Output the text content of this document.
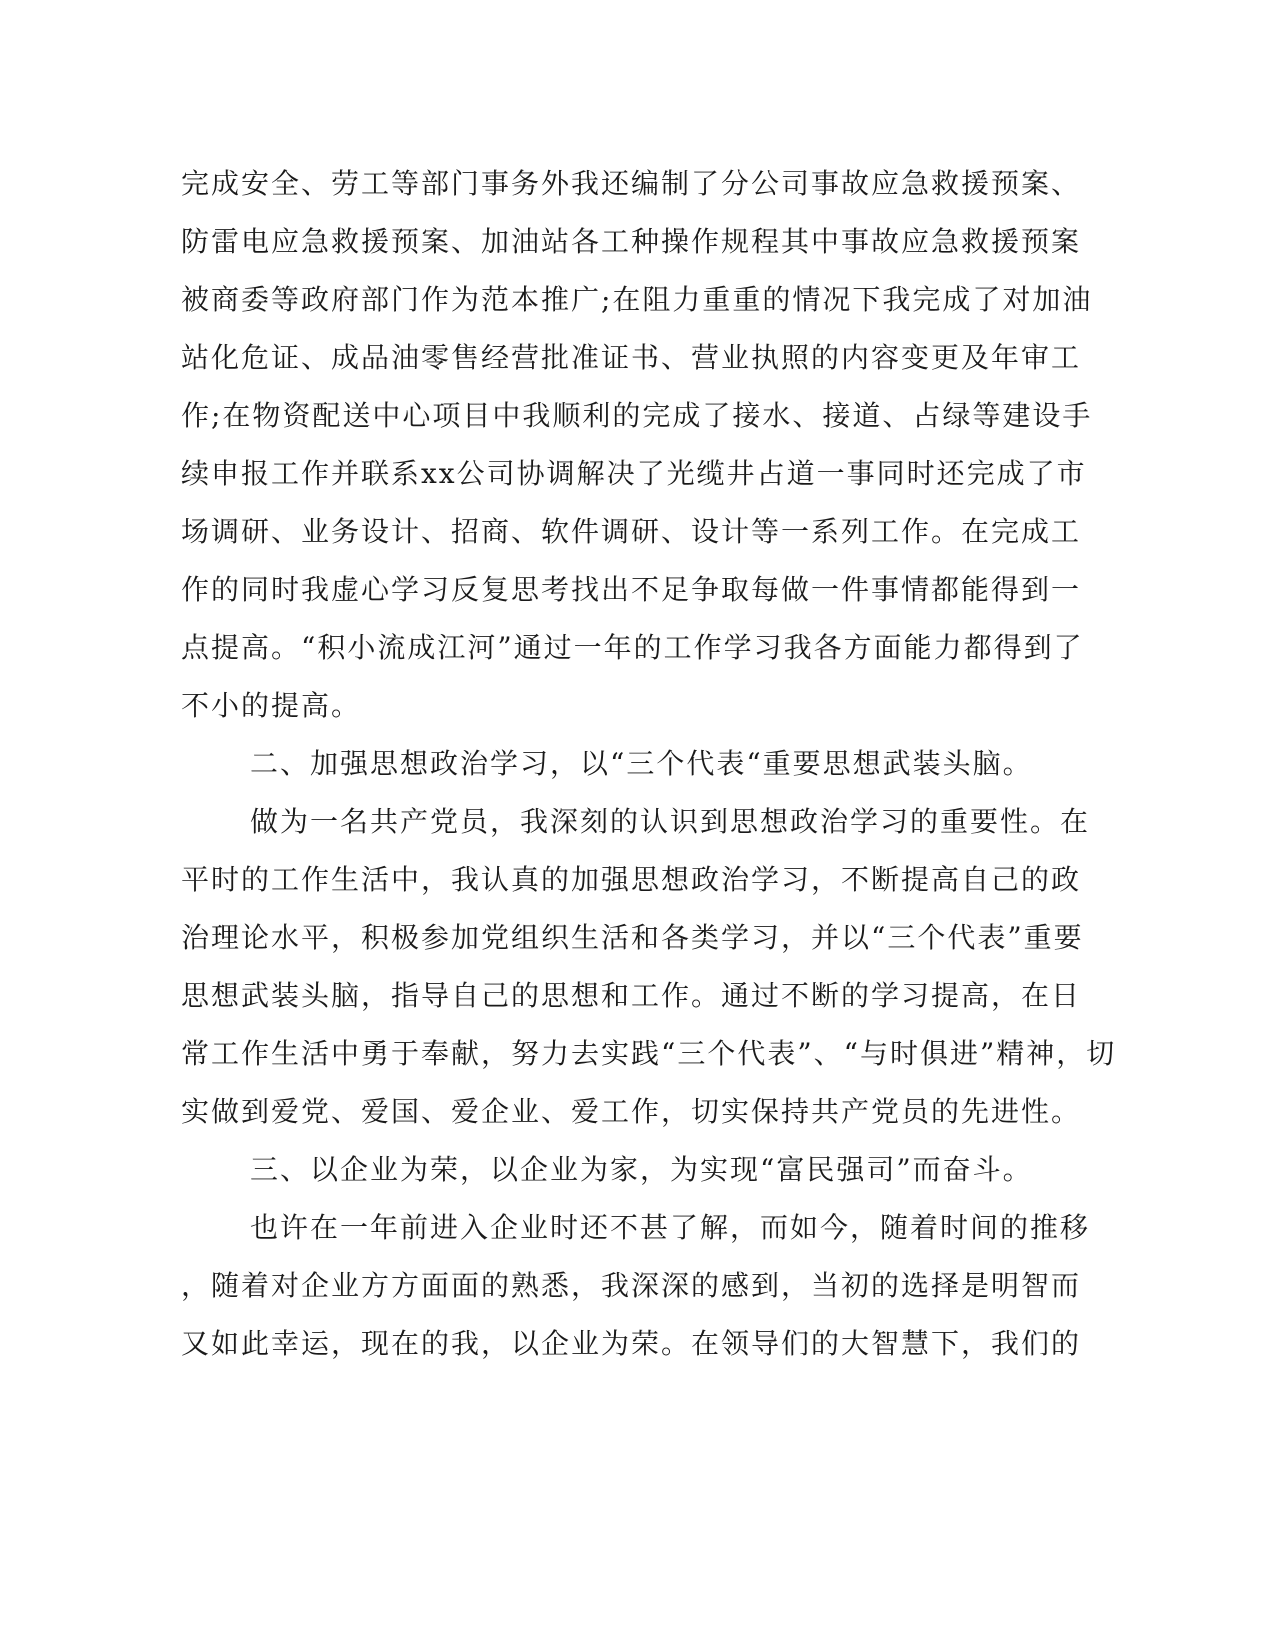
完成安全、劳工等部门事务外我还编制了分公司事故应急救援预案、
防雷电应急救援预案、加油站各工种操作规程其中事故应急救援预案
被商委等政府部门作为范本推广;在阻力重重的情况下我完成了对加油
站化危证、成品油零售经营批准证书、营业执照的内容变更及年审工
作;在物资配送中心项目中我顺利的完成了接水、接道、占绿等建设手
续申报工作并联系xx公司协调解决了光缆井占道一事同时还完成了市
场调研、业务设计、招商、软件调研、设计等一系列工作。在完成工
作的同时我虚心学习反复思考找出不足争取每做一件事情都能得到一
点提高。“积小流成江河”通过一年的工作学习我各方面能力都得到了
不小的提高。
二、加强思想政治学习，以“三个代表“重要思想武装头脑。
做为一名共产党员，我深刻的认识到思想政治学习的重要性。在
平时的工作生活中，我认真的加强思想政治学习，不断提高自己的政
治理论水平，积极参加党组织生活和各类学习，并以“三个代表”重要
思想武装头脑，指导自己的思想和工作。通过不断的学习提高，在日
常工作生活中勇于奉献，努力去实践“三个代表”、“与时俱进”精神，切
实做到爱党、爱国、爱企业、爱工作，切实保持共产党员的先进性。
三、以企业为荣，以企业为家，为实现“富民强司”而奋斗。
也许在一年前进入企业时还不甚了解，而如今，随着时间的推移
，随着对企业方方面面的熟悉，我深深的感到，当初的选择是明智而
又如此幸运，现在的我，以企业为荣。在领导们的大智慧下，我们的
